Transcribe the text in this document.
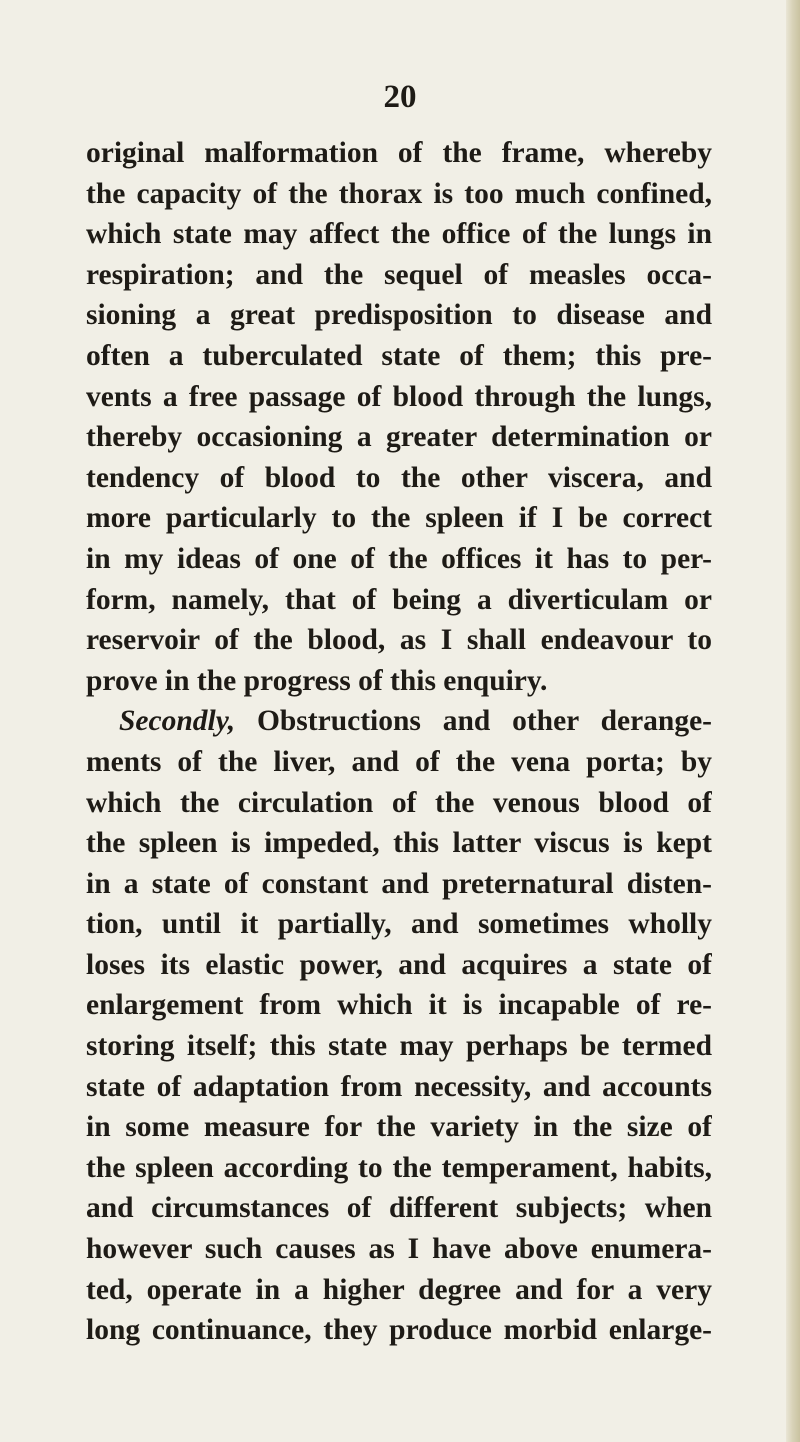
20
original malformation of the frame, whereby
the capacity of the thorax is too much confined,
which state may affect the office of the lungs in
respiration; and the sequel of measles occa-
sioning a great predisposition to disease and
often a tuberculated state of them; this pre-
vents a free passage of blood through the lungs,
thereby occasioning a greater determination or
tendency of blood to the other viscera, and
more particularly to the spleen if I be correct
in my ideas of one of the offices it has to per-
form, namely, that of being a diverticulam or
reservoir of the blood, as I shall endeavour to
prove in the progress of this enquiry.
Secondly, Obstructions and other derange-
ments of the liver, and of the vena porta; by
which the circulation of the venous blood of
the spleen is impeded, this latter viscus is kept
in a state of constant and preternatural disten-
tion, until it partially, and sometimes wholly
loses its elastic power, and acquires a state of
enlargement from which it is incapable of re-
storing itself; this state may perhaps be termed
state of adaptation from necessity, and accounts
in some measure for the variety in the size of
the spleen according to the temperament, habits,
and circumstances of different subjects; when
however such causes as I have above enumera-
ted, operate in a higher degree and for a very
long continuance, they produce morbid enlarge-
